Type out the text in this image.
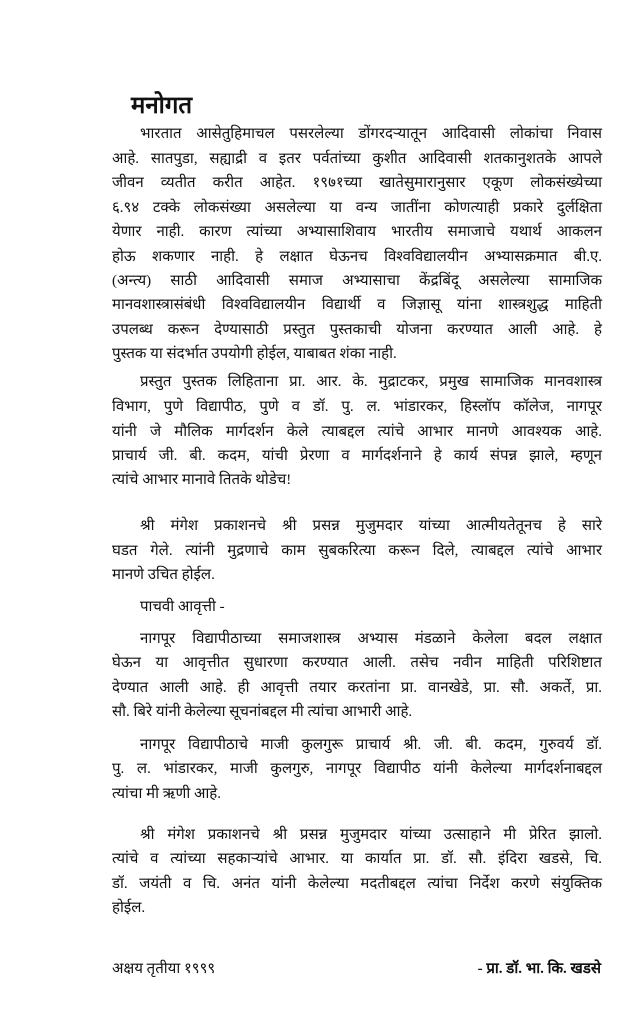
मनोगत
भारतात आसेतुहिमाचल पसरलेल्या डोंगरदऱ्यातून आदिवासी लोकांचा निवास
आहे. सातपुडा, सह्याद्री व इतर पर्वतांच्या कुशीत आदिवासी शतकानुशतके आपले
जीवन व्यतीत करीत आहेत. १९७१च्या खातेसुमारानुसार एकूण लोकसंख्येच्या
६.९४ टक्के लोकसंख्या असलेल्या या वन्य जातींना कोणत्याही प्रकारे दुर्लक्षिता
येणार नाही. कारण त्यांच्या अभ्यासाशिवाय भारतीय समाजाचे यथार्थ आकलन
होऊ शकणार नाही. हे लक्षात घेऊनच विश्वविद्यालयीन अभ्यासक्रमात बी.ए.
(अन्त्य) साठी आदिवासी समाज अभ्यासाचा केंद्रबिंदू असलेल्या सामाजिक
मानवशास्त्रासंबंधी विश्वविद्यालयीन विद्यार्थी व जिज्ञासू यांना शास्त्रशुद्ध माहिती
उपलब्ध करून देण्यासाठी प्रस्तुत पुस्तकाची योजना करण्यात आली आहे. हे
पुस्तक या संदर्भात उपयोगी होईल, याबाबत शंका नाही.
प्रस्तुत पुस्तक लिहिताना प्रा. आर. के. मुद्राटकर, प्रमुख सामाजिक मानवशास्त्र
विभाग, पुणे विद्यापीठ, पुणे व डॉ. पु. ल. भांडारकर, हिस्लॉप कॉलेज, नागपूर
यांनी जे मौलिक मार्गदर्शन केले त्याबद्दल त्यांचे आभार मानणे आवश्यक आहे.
प्राचार्य जी. बी. कदम, यांची प्रेरणा व मार्गदर्शनाने हे कार्य संपन्न झाले, म्हणून
त्यांचे आभार मानावे तितके थोडेच!
श्री मंगेश प्रकाशनचे श्री प्रसन्न मुजुमदार यांच्या आत्मीयतेतूनच हे सारे
घडत गेले. त्यांनी मुद्रणाचे काम सुबकरित्या करून दिले, त्याबद्दल त्यांचे आभार
मानणे उचित होईल.
पाचवी आवृत्ती -
नागपूर विद्यापीठाच्या समाजशास्त्र अभ्यास मंडळाने केलेला बदल लक्षात
घेऊन या आवृत्तीत सुधारणा करण्यात आली. तसेच नवीन माहिती परिशिष्टात
देण्यात आली आहे. ही आवृत्ती तयार करतांना प्रा. वानखेडे, प्रा. सौ. अकर्ते, प्रा.
सौ. बिरे यांनी केलेल्या सूचनांबद्दल मी त्यांचा आभारी आहे.
नागपूर विद्यापीठाचे माजी कुलगुरू प्राचार्य श्री. जी. बी. कदम, गुरुवर्य डॉ.
पु. ल. भांडारकर, माजी कुलगुरु, नागपूर विद्यापीठ यांनी केलेल्या मार्गदर्शनाबद्दल
त्यांचा मी ऋणी आहे.
श्री मंगेश प्रकाशनचे श्री प्रसन्न मुजुमदार यांच्या उत्साहाने मी प्रेरित झालो.
त्यांचे व त्यांच्या सहकाऱ्यांचे आभार. या कार्यात प्रा. डॉ. सौ. इंदिरा खडसे, चि.
डॉ. जयंती व चि. अनंत यांनी केलेल्या मदतीबद्दल त्यांचा निर्देश करणे संयुक्तिक
होईल.
अक्षय तृतीया १९९९	- प्रा. डॉ. भा. कि. खडसे
